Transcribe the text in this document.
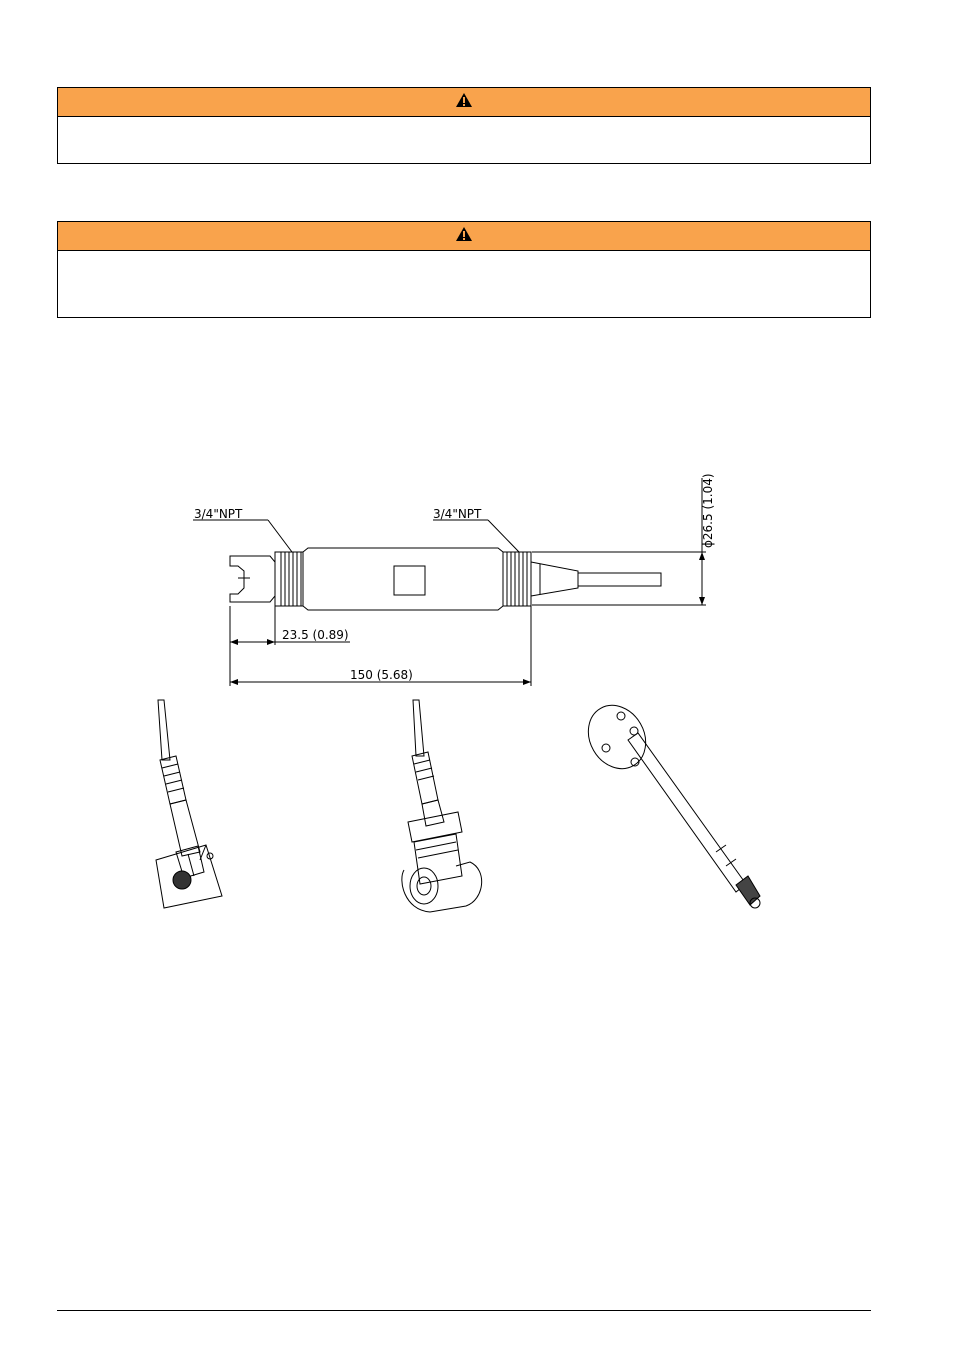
3/4"NPT	3/4"NPT	ϕ26.5 (1.04)
23.5 (0.89)
150 (5.68)
